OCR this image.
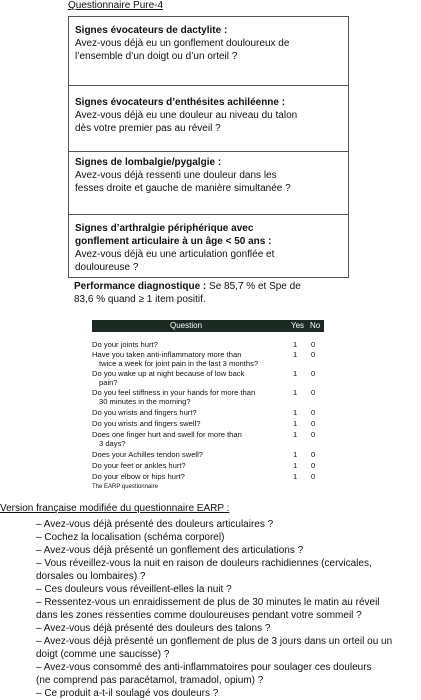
Questionnaire Pure-4
Signes évocateurs de dactylite :
Avez-vous déjà eu un gonflement douloureux de
l’ensemble d’un doigt ou d’un orteil ?
Signes évocateurs d’enthésites achiléenne :
Avez-vous déjà eu une douleur au niveau du talon
dès votre premier pas au réveil ?
Signes de lombalgie/pygalgie :
Avez-vous déjà ressenti une douleur dans les
fesses droite et gauche de manière simultanée ?
Signes d’arthralgie périphérique avec
gonflement articulaire à un âge < 50 ans :
Avez-vous déjà eu une articulation gonflée et
douloureuse ?
Performance diagnostique : Se 85,7 % et Spe de
83,6 % quand ≥ 1 item positif.
Question	Yes No
Do your joints hurt?	1 0
Have you taken anti-inflammatory more than
twice a week for joint pain in the last 3 months?
1 0
Do you wake up at night because of low back
pain?
1 0
Do you feel stiffness in your hands for more than
30 minutes in the morning?
1 0
Do you wrists and fingers hurt?	1 0
Do you wrists and fingers swell?	1 0
Does one finger hurt and swell for more than
3 days?
1 0
Does your Achilles tendon swell?	1 0
Do your feet or ankles hurt?	1 0
Do your elbow or hips hurt?	1 0
The EARP questionnaire
Version française modifiée du questionnaire EARP :
– Avez-vous déjà présenté des douleurs articulaires ?
– Cochez la localisation (schéma corporel)
– Avez-vous déjà présenté un gonflement des articulations ?
– Vous réveillez-vous la nuit en raison de douleurs rachidiennes (cervicales,
dorsales ou lombaires) ?
– Ces douleurs vous réveillent-elles la nuit ?
– Ressentez-vous un enraidissement de plus de 30 minutes le matin au réveil
dans les zones ressenties comme douloureuses pendant votre sommeil ?
– Avez-vous déjà présenté des douleurs des talons ?
– Avez-vous déjà présenté un gonflement de plus de 3 jours dans un orteil ou un
doigt (comme une saucisse) ?
– Avez-vous consommé des anti-inflammatoires pour soulager ces douleurs
(ne comprend pas paracétamol, tramadol, opium) ?
– Ce produit a-t-il soulagé vos douleurs ?
